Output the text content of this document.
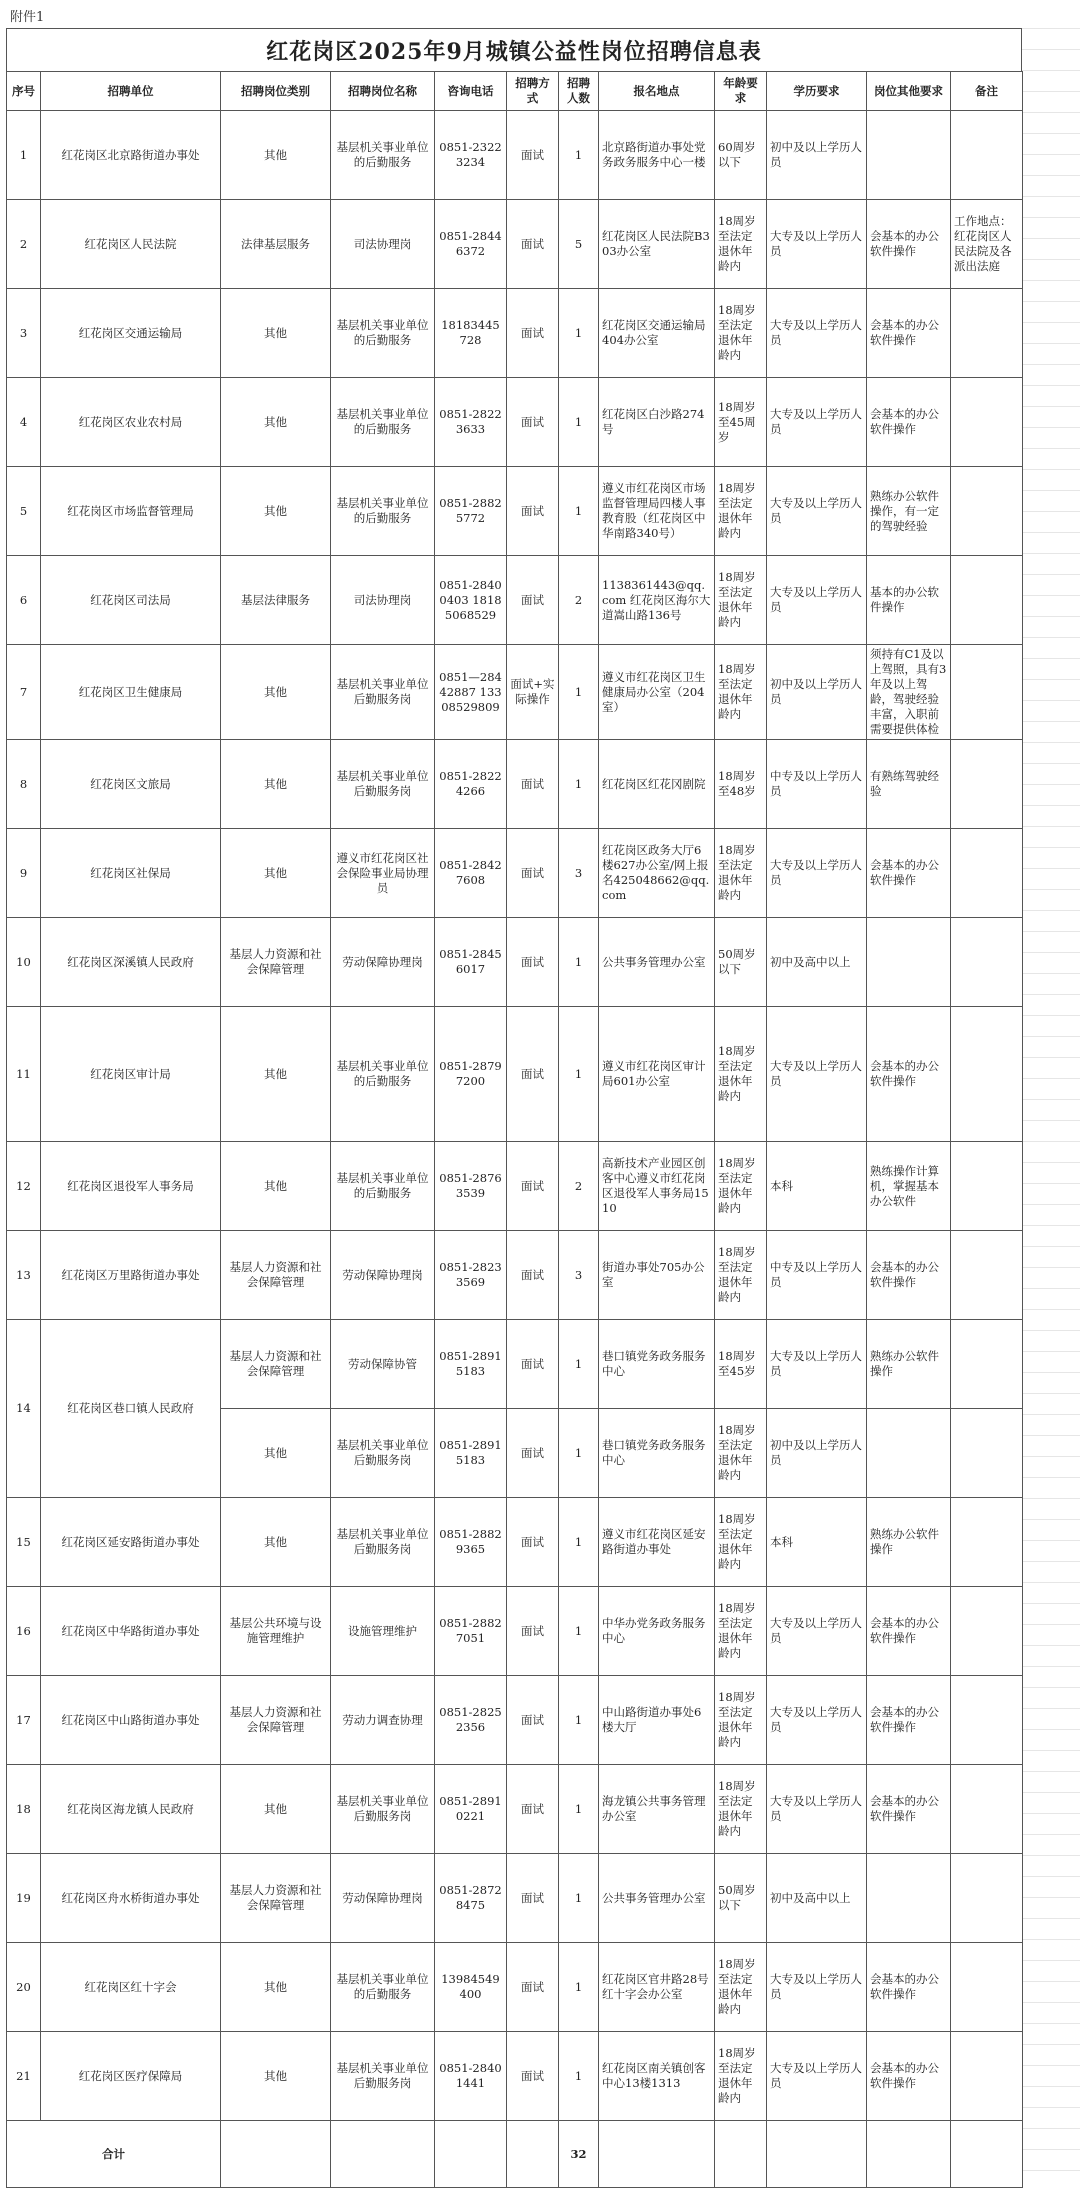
附件1
红花岗区2025年9月城镇公益性岗位招聘信息表
序号	招聘单位	招聘岗位类别	招聘岗位名称	咨询电话	招聘方式	招聘人数	报名地点	年龄要求	学历要求	岗位其他要求	备注
1	红花岗区北京路街道办事处	其他	基层机关事业单位的后勤服务	0851-23223234	面试	1	北京路街道办事处党务政务服务中心一楼	60周岁以下	初中及以上学历人员		
2	红花岗区人民法院	法律基层服务	司法协理岗	0851-28446372	面试	5	红花岗区人民法院B303办公室	18周岁至法定退休年龄内	大专及以上学历人员	会基本的办公软件操作	工作地点：红花岗区人民法院及各派出法庭
3	红花岗区交通运输局	其他	基层机关事业单位的后勤服务	18183445728	面试	1	红花岗区交通运输局404办公室	18周岁至法定退休年龄内	大专及以上学历人员	会基本的办公软件操作	
4	红花岗区农业农村局	其他	基层机关事业单位的后勤服务	0851-28223633	面试	1	红花岗区白沙路274号	18周岁至45周岁	大专及以上学历人员	会基本的办公软件操作	
5	红花岗区市场监督管理局	其他	基层机关事业单位的后勤服务	0851-28825772	面试	1	遵义市红花岗区市场监督管理局四楼人事教育股（红花岗区中华南路340号）	18周岁至法定退休年龄内	大专及以上学历人员	熟练办公软件操作，有一定的驾驶经验	
6	红花岗区司法局	基层法律服务	司法协理岗	0851-28400403 18185068529	面试	2	1138361443@qq.com 红花岗区海尔大道嵩山路136号	18周岁至法定退休年龄内	大专及以上学历人员	基本的办公软件操作	
7	红花岗区卫生健康局	其他	基层机关事业单位后勤服务岗	0851—28442887 13308529809	面试+实际操作	1	遵义市红花岗区卫生健康局办公室（204室）	18周岁至法定退休年龄内	初中及以上学历人员	须持有C1及以上驾照，具有3年及以上驾龄，驾驶经验丰富，入职前需要提供体检	
8	红花岗区文旅局	其他	基层机关事业单位后勤服务岗	0851-28224266	面试	1	红花岗区红花冈剧院	18周岁至48岁	中专及以上学历人员	有熟练驾驶经验	
9	红花岗区社保局	其他	遵义市红花岗区社会保险事业局协理员	0851-28427608	面试	3	红花岗区政务大厅6楼627办公室/网上报名425048662@qq.com	18周岁至法定退休年龄内	大专及以上学历人员	会基本的办公软件操作	
10	红花岗区深溪镇人民政府	基层人力资源和社会保障管理	劳动保障协理岗	0851-28456017	面试	1	公共事务管理办公室	50周岁以下	初中及高中以上		
11	红花岗区审计局	其他	基层机关事业单位的后勤服务	0851-28797200	面试	1	遵义市红花岗区审计局601办公室	18周岁至法定退休年龄内	大专及以上学历人员	会基本的办公软件操作	
12	红花岗区退役军人事务局	其他	基层机关事业单位的后勤服务	0851-28763539	面试	2	高新技术产业园区创客中心遵义市红花岗区退役军人事务局1510	18周岁至法定退休年龄内	本科	熟练操作计算机，掌握基本办公软件	
13	红花岗区万里路街道办事处	基层人力资源和社会保障管理	劳动保障协理岗	0851-28233569	面试	3	街道办事处705办公室	18周岁至法定退休年龄内	中专及以上学历人员	会基本的办公软件操作	
14	红花岗区巷口镇人民政府	基层人力资源和社会保障管理	劳动保障协管	0851-28915183	面试	1	巷口镇党务政务服务中心	18周岁至45岁	大专及以上学历人员	熟练办公软件操作	
		其他	基层机关事业单位后勤服务岗	0851-28915183	面试	1	巷口镇党务政务服务中心	18周岁至法定退休年龄内	初中及以上学历人员		
15	红花岗区延安路街道办事处	其他	基层机关事业单位后勤服务岗	0851-28829365	面试	1	遵义市红花岗区延安路街道办事处	18周岁至法定退休年龄内	本科	熟练办公软件操作	
16	红花岗区中华路街道办事处	基层公共环境与设施管理维护	设施管理维护	0851-28827051	面试	1	中华办党务政务服务中心	18周岁至法定退休年龄内	大专及以上学历人员	会基本的办公软件操作	
17	红花岗区中山路街道办事处	基层人力资源和社会保障管理	劳动力调查协理	0851-28252356	面试	1	中山路街道办事处6楼大厅	18周岁至法定退休年龄内	大专及以上学历人员	会基本的办公软件操作	
18	红花岗区海龙镇人民政府	其他	基层机关事业单位后勤服务岗	0851-28910221	面试	1	海龙镇公共事务管理办公室	18周岁至法定退休年龄内	大专及以上学历人员	会基本的办公软件操作	
19	红花岗区舟水桥街道办事处	基层人力资源和社会保障管理	劳动保障协理岗	0851-28728475	面试	1	公共事务管理办公室	50周岁以下	初中及高中以上		
20	红花岗区红十字会	其他	基层机关事业单位的后勤服务	13984549400	面试	1	红花岗区官井路28号红十字会办公室	18周岁至法定退休年龄内	大专及以上学历人员	会基本的办公软件操作	
21	红花岗区医疗保障局	其他	基层机关事业单位后勤服务岗	0851-28401441	面试	1	红花岗区南关镇创客中心13楼1313	18周岁至法定退休年龄内	大专及以上学历人员	会基本的办公软件操作	
合计						32					
